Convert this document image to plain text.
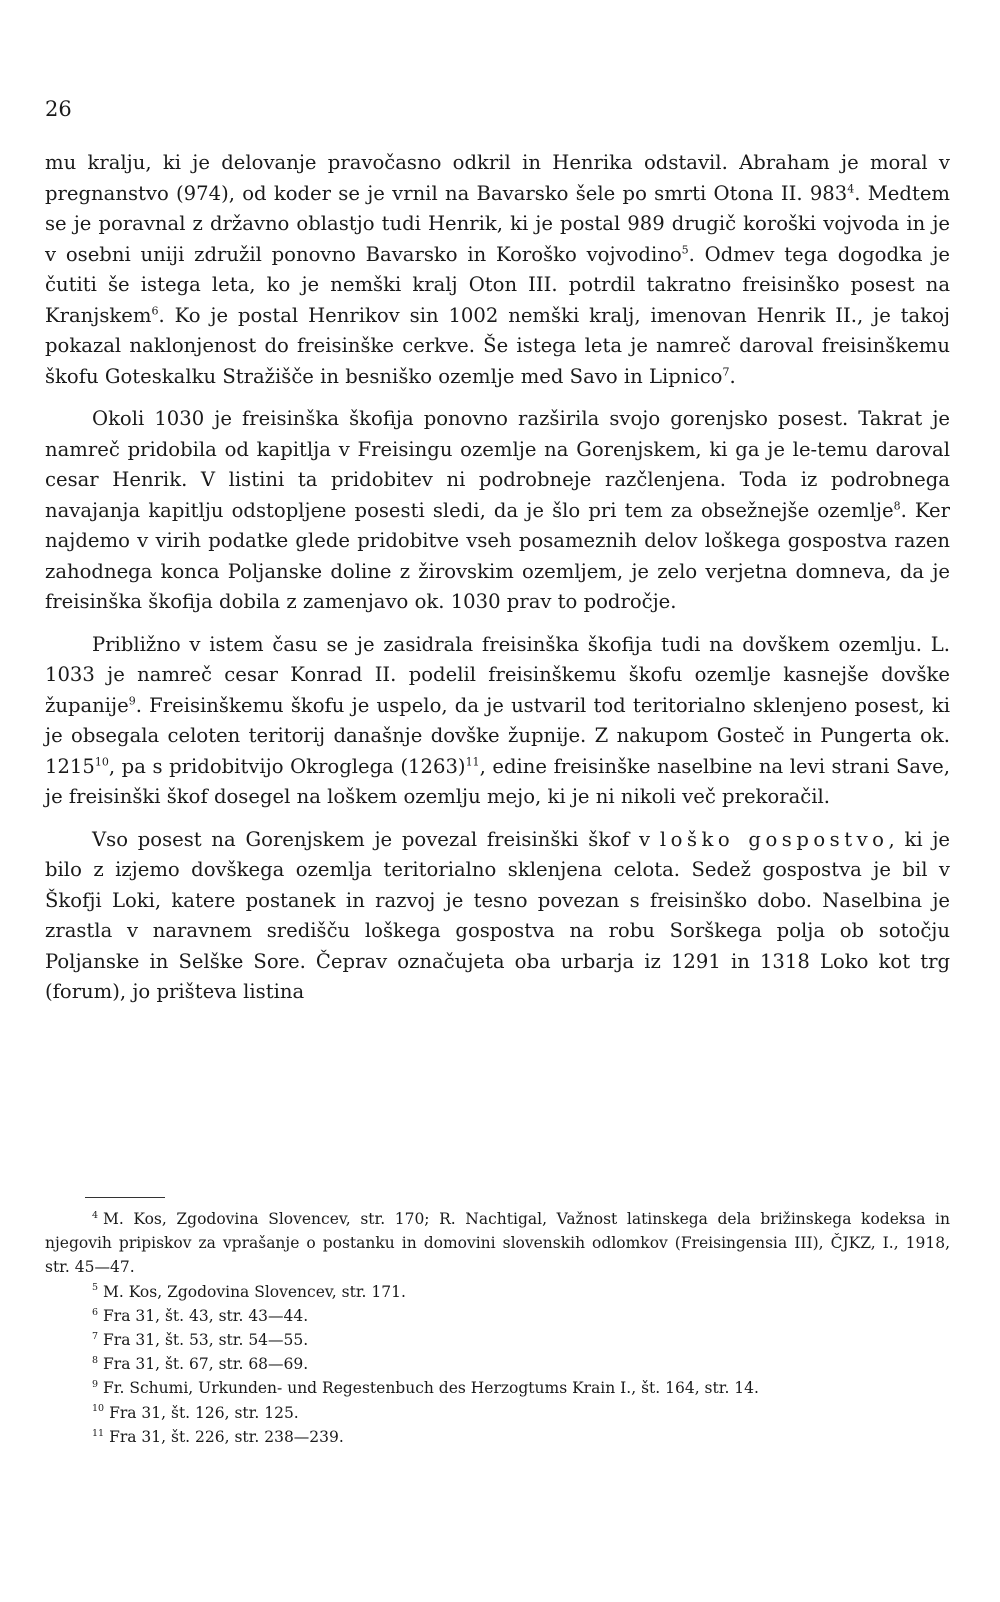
26

mu kralju, ki je delovanje pravočasno odkril in Henrika odstavil. Abraham je moral v pregnanstvo (974), od koder se je vrnil na Bavarsko šele po smrti Otona II. $983^4$. Medtem se je poravnal z državno oblastjo tudi Henrik, ki je postal 989 drugič koroški vojvoda in je v osebni uniji združil ponovno Bavarsko in Koroško vojvodino$^5$. Odmev tega dogodka je čutiti še istega leta, ko je nemški kralj Oton III. potrdil takratno freisinško posest na Kranjskem$^6$. Ko je postal Henrikov sin 1002 nemški kralj, imenovan Henrik II., je takoj pokazal naklonjenost do freisinške cerkve. Še istega leta je namreč daroval freisinškemu škofu Goteskalku Stražišče in besniško ozemlje med Savo in Lipnico$^7$.

Okoli 1030 je freisinška škofija ponovno razširila svojo gorenjsko posest. Takrat je namreč pridobila od kapitlja v Freisingu ozemlje na Gorenjskem, ki ga je le-temu daroval cesar Henrik. V listini ta pridobitev ni podrobneje razčlenjena. Toda iz podrobnega navajanja kapitlju odstopljene posesti sledi, da je šlo pri tem za obsežnejše ozemlje$^8$. Ker najdemo v virih podatke glede pridobitve vseh posameznih delov loškega gospostva razen zahodnega konca Poljanske doline z žirovskim ozemljem, je zelo verjetna domneva, da je freisinška škofija dobila z zamenjavo ok. 1030 prav to področje.

Približno v istem času se je zasidrala freisinška škofija tudi na dovškem ozemlju. L. 1033 je namreč cesar Konrad II. podelil freisinškemu škofu ozemlje kasnejše dovške županije$^9$. Freisinškemu škofu je uspelo, da je ustvaril tod teritorialno sklenjeno posest, ki je obsegala celoten teritorij današnje dovške župnije. Z nakupom Gosteč in Pungerta ok. 1215$^{10}$, pa s pridobitvijo Okroglega $(1263)^{11}$, edine freisinške naselbine na levi strani Save, je freisinški škof dosegel na loškem ozemlju mejo, ki je ni nikoli več prekoračil.

Vso posest na Gorenjskem je povezal freisinški škof v loško gospostvo, ki je bilo z izjemo dovškega ozemlja teritorialno sklenjena celota. Sedež gospostva je bil v Škofji Loki, katere postanek in razvoj je tesno povezan s freisinško dobo. Naselbina je zrastla v naravnem središču loškega gospostva na robu Sorškega polja ob sotočju Poljanske in Selške Sore. Čeprav označujeta oba urbarja iz 1291 in 1318 Loko kot trg (forum), jo prišteva listina

$^4$ M. Kos, Zgodovina Slovencev, str. 170; R. Nachtigal, Važnost latinskega dela brižinskega kodeksa in njegovih pripiskov za vprašanje o postanku in domovini slovenskih odlomkov (Freisingensia III), ČJKZ, I., 1918, str. 45—47.

$^5$ M. Kos, Zgodovina Slovencev, str. 171.

$^6$ Fra 31, št. 43, str. 43—44.

$^7$ Fra 31, št. 53, str. 54—55.

$^8$ Fra 31, št. 67, str. 68—69.

$^9$ Fr. Schumi, Urkunden- und Regestenbuch des Herzogtums Krain I., št. 164, str. 14.

$^{10}$ Fra 31, št. 126, str. 125.

$^{11}$ Fra 31, št. 226, str. 238—239.
